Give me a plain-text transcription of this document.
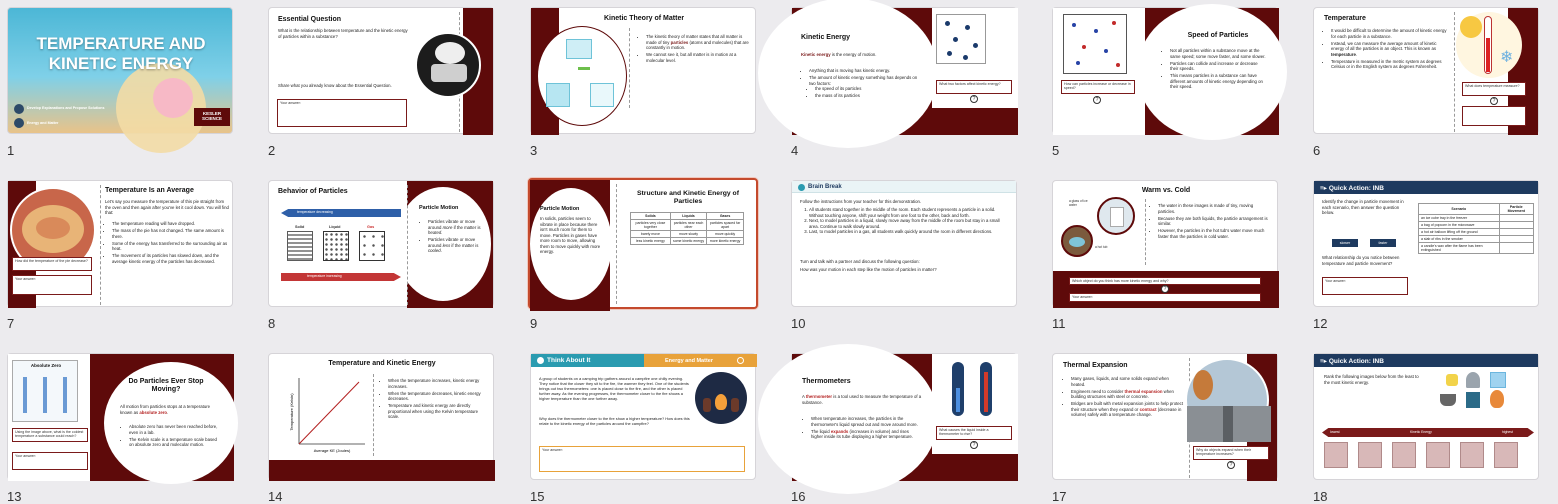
TEMPERATURE AND KINETIC ENERGY
Develop Explanations and Propose Solutions
Energy and Matter
KESLER
SCIENCE
1
Essential Question
What is the relationship between temperature and the kinetic energy of particles within a substance?
Share what you already know about the Essential Question.
Your answer:
2
Kinetic Theory of Matter
• The kinetic theory of matter states that all matter is made of tiny particles (atoms and molecules) that are constantly in motion.
• We cannot see it, but all matter is in motion at a molecular level.
3
Kinetic Energy
Kinetic energy is the energy of motion.
• Anything that is moving has kinetic energy.
• The amount of kinetic energy something has depends on two factors:
• the speed of its particles
• the mass of its particles
What two factors affect kinetic energy?
?
4
How can particles increase or decrease in speed?
?
Speed of Particles
• Not all particles within a substance move at the same speed; some move faster, and some slower.
• Particles can collide and increase or decrease their speeds.
• This means particles in a substance can have different amounts of kinetic energy depending on their speed.
5
Temperature
• It would be difficult to determine the amount of kinetic energy for each particle in a substance.
• Instead, we can measure the average amount of kinetic energy of all the particles in an object. This is known as temperature.
• Temperature is measured in the metric system as degrees Celsius or in the English system as degrees Fahrenheit.
❄
What does temperature measure?
?
6
How did the temperature of the pie decrease?
Your answer:
Temperature Is an Average
Let's say you measure the temperature of this pie straight from the oven and then again after you've let it cool down. You will find that:
• The temperature reading will have dropped.
• The mass of the pie has not changed. The same amount is there.
• Some of the energy has transferred to the surrounding air as heat.
• The movement of its particles has slowed down, and the average kinetic energy of the particles has decreased.
7
Behavior of Particles
temperature decreasing
Solid	Liquid	Gas
temperature increasing
Particle Motion
• Particles vibrate or move around more if the matter is heated.
• Particles vibrate or move around less if the matter is cooled.
8
Particle Motion
In solids, particles seem to vibrate in place because there isn't much room for them to move. Particles in gases have more room to move, allowing them to move quickly with more energy.
Structure and Kinetic Energy of Particles
Solids	Liquids	Gases
particles very close together	particles near each other	particles spaced far apart
barely move	move slowly	move quickly
less kinetic energy	some kinetic energy	more kinetic energy
9
Brain Break
Follow the instructions from your teacher for this demonstration.
1. All students stand together in the middle of the room. Each student represents a particle in a solid. Without touching anyone, shift your weight from one foot to the other, back and forth.
2. Next, to model particles in a liquid, slowly move away from the middle of the room but stay in a small area. Continue to walk slowly around.
3. Last, to model particles in a gas, all students walk quickly around the room in different directions.
Turn and talk with a partner and discuss the following question:
How was your motion in each step like the motion of particles in matter?
10
Warm vs. Cold
a glass of ice water
a hot tub
• The water in these images is made of tiny, moving particles.
• Because they are both liquids, the particle arrangement is similar.
• However, the particles in the hot tub's water move much faster than the particles in cold water.
Which object do you think has more kinetic energy and why?
?
Your answer:
11
≡▸ Quick Action: INB
Identify the change in particle movement in each scenario, then answer the question below.
slower	faster
What relationship do you notice between temperature and particle movement?
Your answer:
Scenario	Particle Movement
an ice cube tray in the freezer	
a bag of popcorn in the microwave	
a hot air balloon lifting off the ground	
a slab of ribs in the smoker	
a candle's wax after the flame has been extinguished	
12
Absolute Zero
Using the image above, what is the coldest temperature a substance could reach?
Your answer:
Do Particles Ever Stop Moving?
All motion from particles stops at a temperature known as absolute zero.
• Absolute zero has never been reached before, even in a lab.
• The Kelvin scale is a temperature scale based on absolute zero and molecular motion.
13
Temperature and Kinetic Energy
Average KE (Joules)
Temperature (Kelvin)
• When the temperature increases, kinetic energy increases.
• When the temperature decreases, kinetic energy decreases.
• Temperature and kinetic energy are directly proportional when using the Kelvin temperature scale.
14
Think About It	Energy and Matter
A group of students on a camping trip gathers around a campfire one chilly evening. They notice that the closer they sit to the fire, the warmer they feel. One of the students brings out two thermometers: one is placed close to the fire, and the other is placed further away. As the evening progresses, the thermometer closer to the fire shows a higher temperature than the one further away.
Why does the thermometer closer to the fire show a higher temperature? How does this relate to the kinetic energy of the particles around the campfire?
Your answer:
15
Thermometers
A thermometer is a tool used to measure the temperature of a substance.
• When temperature increases, the particles in the thermometer's liquid spread out and move around more.
• The liquid expands (increases in volume) and rises higher inside its tube displaying a higher temperature.
What causes the liquid inside a thermometer to rise?
?
16
Thermal Expansion
• Many gases, liquids, and some solids expand when heated.
• Engineers need to consider thermal expansion when building structures with steel or concrete.
• Bridges are built with metal expansion joints to help protect their structure when they expand or contract (decrease in volume) safely with a temperature change.
Why do objects expand when their temperature increases?
?
17
≡▸ Quick Action: INB
Rank the following images below from the least to the most kinetic energy.
lowest	Kinetic Energy	highest
18
